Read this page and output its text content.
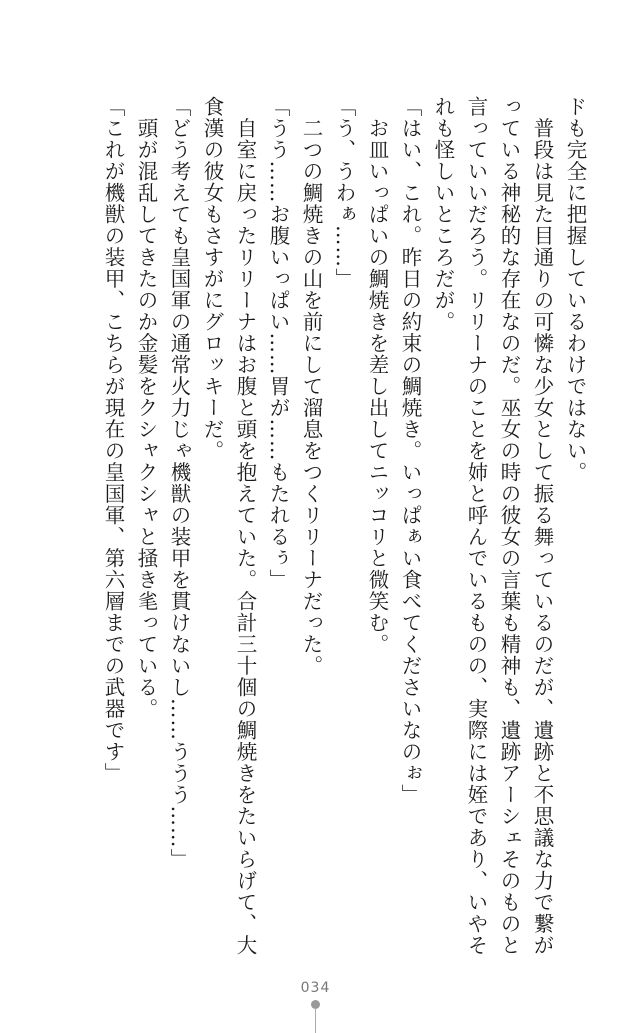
ドも完全に把握しているわけではない。
　普段は見た目通りの可憐な少女として振る舞っているのだが、遺跡と不思議な力で繋が
っている神秘的な存在なのだ。巫女の時の彼女の言葉も精神も、遺跡アーシェそのものと
言っていいだろう。リリーナのことを姉と呼んでいるものの、実際には姪であり、いやそ
れも怪しいところだが。
「はい、これ。昨日の約束の鯛焼き。いっぱぁい食べてくださいなのぉ」
　お皿いっぱいの鯛焼きを差し出してニッコリと微笑む。
「う、うわぁ……」
　二つの鯛焼きの山を前にして溜息をつくリリーナだった。
「うう……お腹いっぱい……胃が……もたれるぅ」
　自室に戻ったリリーナはお腹と頭を抱えていた。合計三十個の鯛焼きをたいらげて、大
食漢の彼女もさすがにグロッキーだ。
「どう考えても皇国軍の通常火力じゃ機獣の装甲を貫けないし……ううう……」
　頭が混乱してきたのか金髪をクシャクシャと掻き毟っている。
「これが機獣の装甲、こちらが現在の皇国軍、第六層までの武器です」
034
